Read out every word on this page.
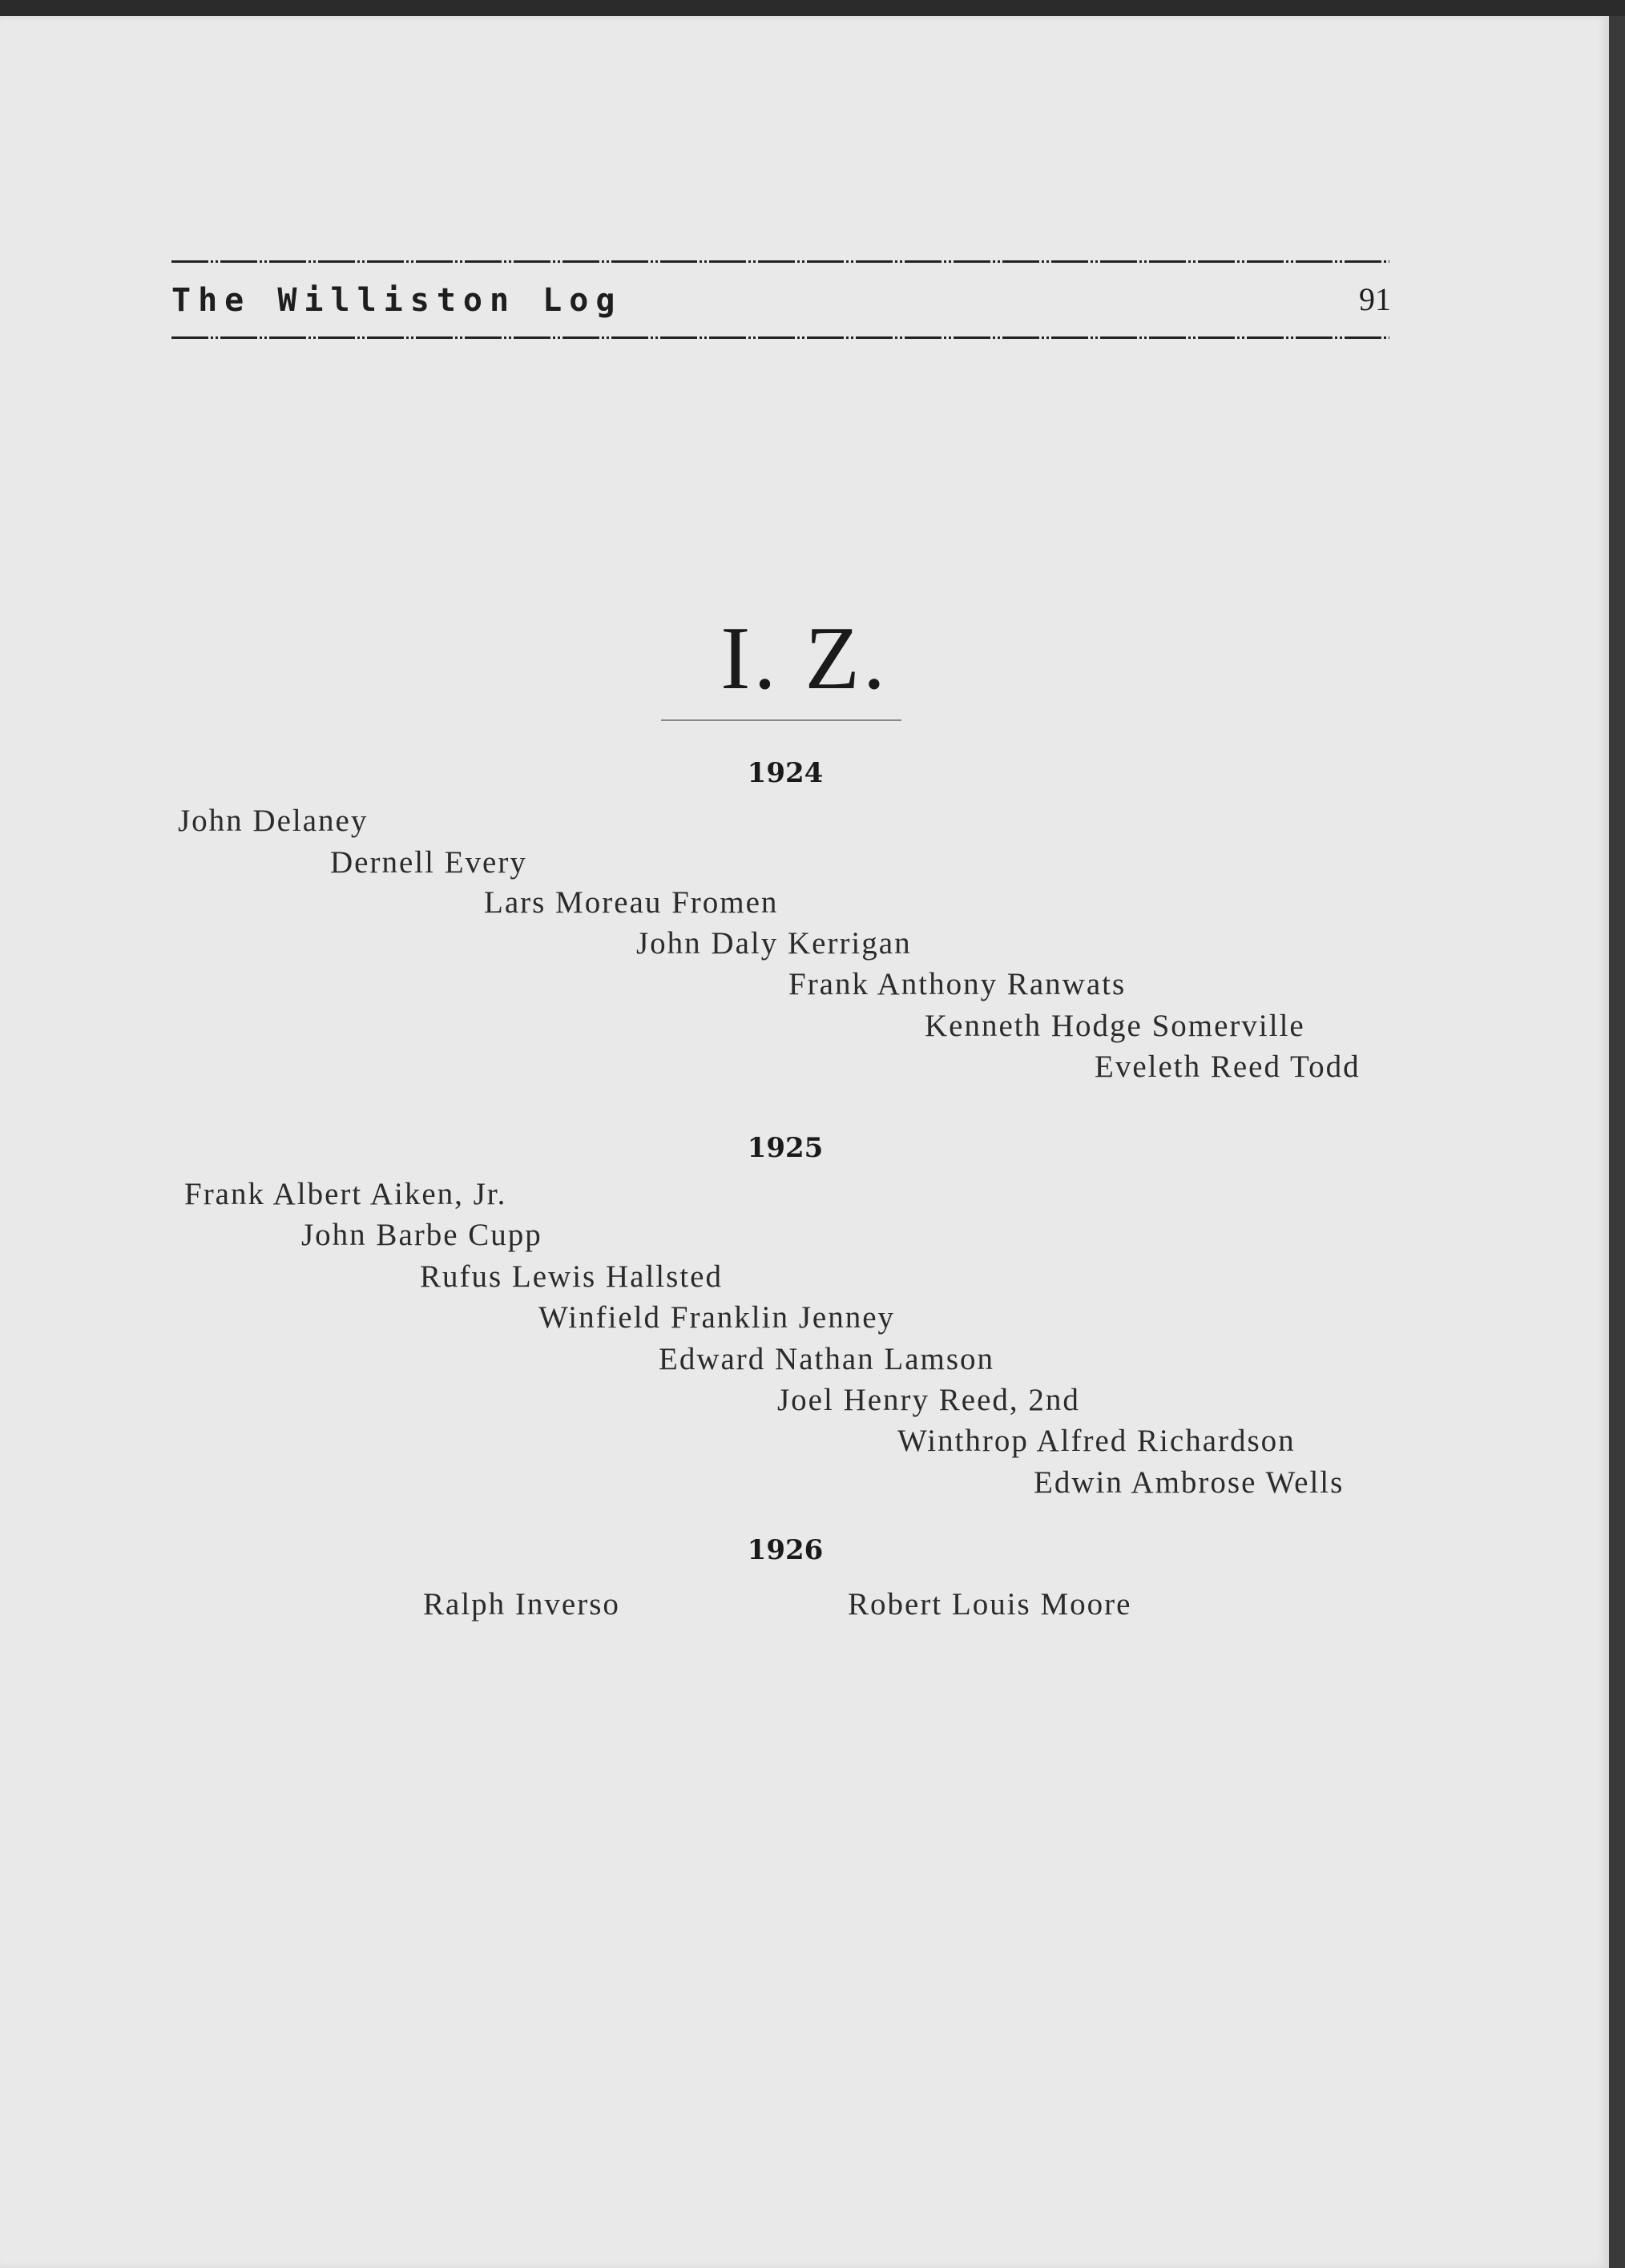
The Williston Log	91
I. Z.
1924
John Delaney
Dernell Every
Lars Moreau Fromen
John Daly Kerrigan
Frank Anthony Ranwats
Kenneth Hodge Somerville
Eveleth Reed Todd
1925
Frank Albert Aiken, Jr.
John Barbe Cupp
Rufus Lewis Hallsted
Winfield Franklin Jenney
Edward Nathan Lamson
Joel Henry Reed, 2nd
Winthrop Alfred Richardson
Edwin Ambrose Wells
1926
Ralph Inverso	Robert Louis Moore
